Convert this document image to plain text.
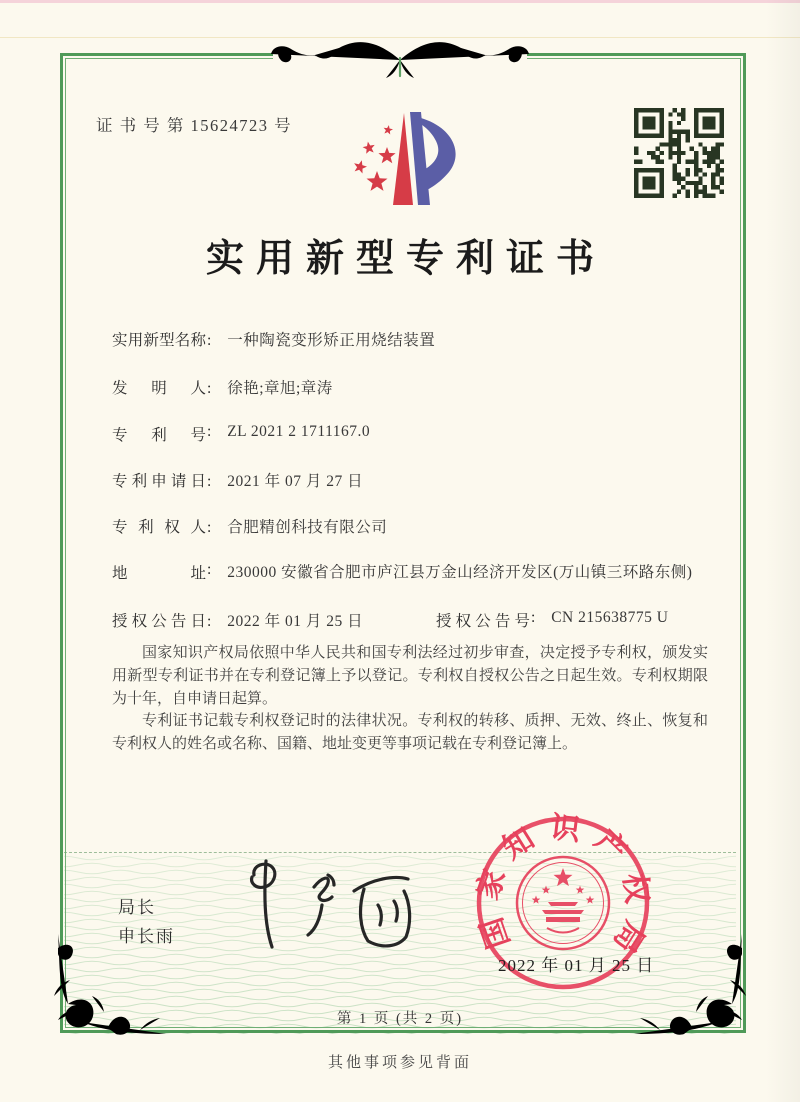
证 书 号 第 15624723 号
实用新型专利证书
实用新型名称: 一种陶瓷变形矫正用烧结装置
发明人: 徐艳;章旭;章涛
专利号: ZL 2021 2 1711167.0
专利申请日: 2021 年 07 月 27 日
专利权人: 合肥精创科技有限公司
地址: 230000 安徽省合肥市庐江县万金山经济开发区(万山镇三环路东侧)
授权公告日: 2022 年 01 月 25 日	授权公告号: CN 215638775 U

国家知识产权局依照中华人民共和国专利法经过初步审查，决定授予专利权，颁发实用新型专利证书并在专利登记簿上予以登记。专利权自授权公告之日起生效。专利权期限为十年，自申请日起算。

专利证书记载专利权登记时的法律状况。专利权的转移、质押、无效、终止、恢复和专利权人的姓名或名称、国籍、地址变更等事项记载在专利登记簿上。

局长
申长雨	国家知识产权局
2022 年 01 月 25 日
第 1 页 (共 2 页)
其他事项参见背面
